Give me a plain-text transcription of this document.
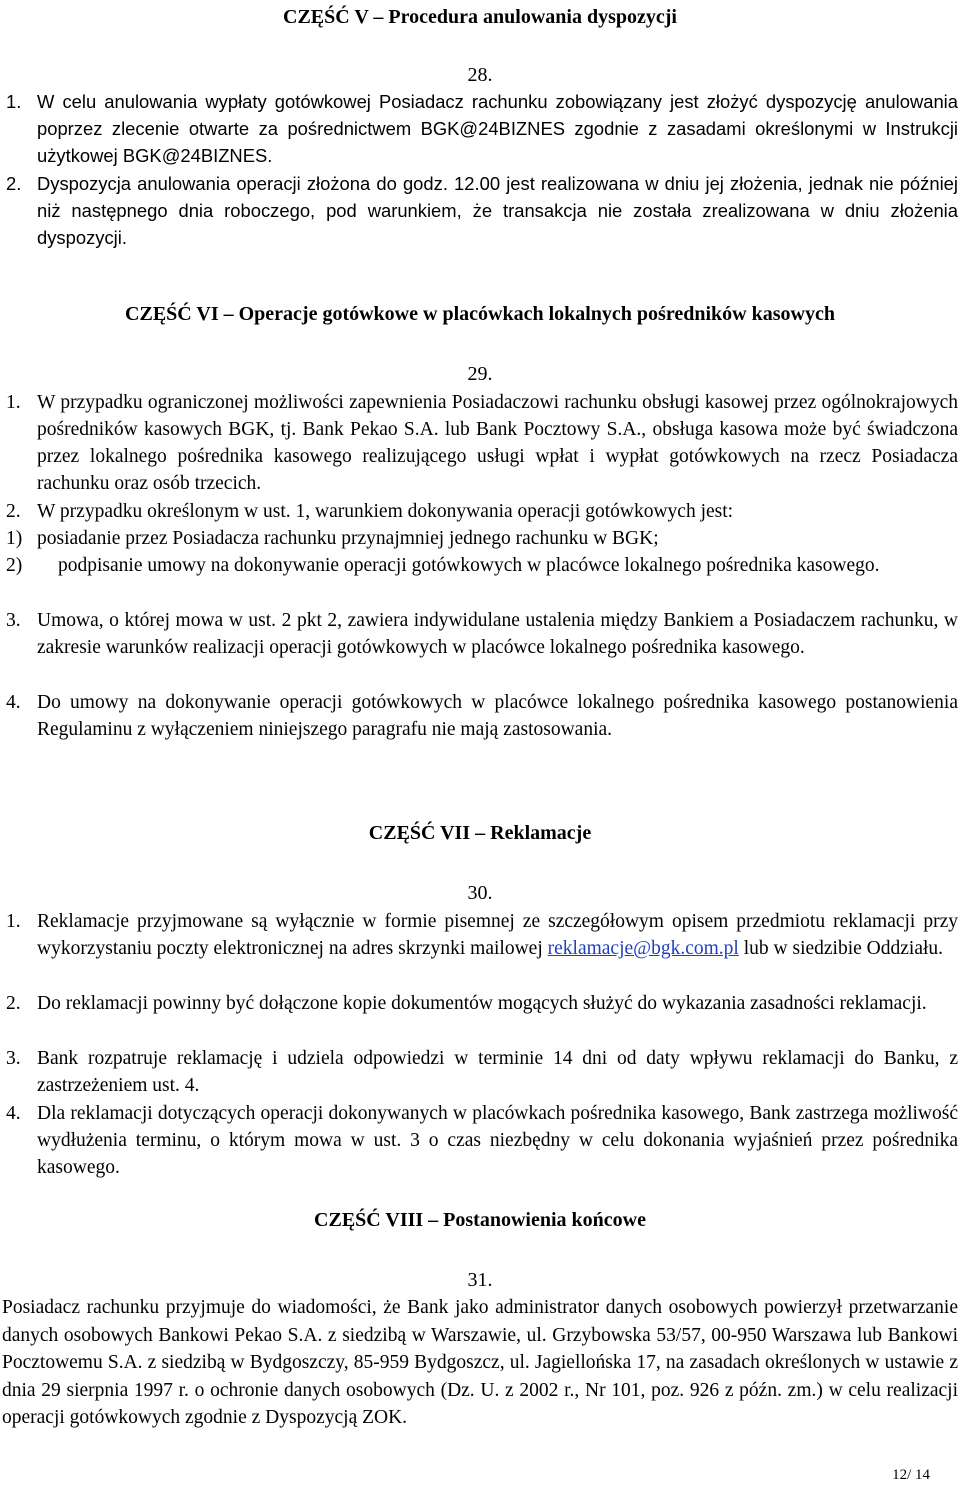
CZĘŚĆ V – Procedura anulowania dyspozycji
28.
1. W celu anulowania wypłaty gotówkowej Posiadacz rachunku zobowiązany jest złożyć dyspozycję anulowania poprzez zlecenie otwarte za pośrednictwem BGK@24BIZNES zgodnie z zasadami określonymi w Instrukcji użytkowej BGK@24BIZNES.
2. Dyspozycja anulowania operacji złożona do godz. 12.00 jest realizowana w dniu jej złożenia, jednak nie później niż następnego dnia roboczego, pod warunkiem, że transakcja nie została zrealizowana w dniu złożenia dyspozycji.
CZĘŚĆ VI – Operacje gotówkowe w placówkach lokalnych pośredników kasowych
29.
1. W przypadku ograniczonej możliwości zapewnienia Posiadaczowi rachunku obsługi kasowej przez ogólnokrajowych pośredników kasowych BGK, tj. Bank Pekao S.A. lub Bank Pocztowy S.A., obsługa kasowa może być świadczona przez lokalnego pośrednika kasowego realizującego usługi wpłat i wypłat gotówkowych na rzecz Posiadacza rachunku oraz osób trzecich.
2. W przypadku określonym w ust. 1, warunkiem dokonywania operacji gotówkowych jest:
1) posiadanie przez Posiadacza rachunku przynajmniej jednego rachunku w BGK;
2) podpisanie umowy na dokonywanie operacji gotówkowych w placówce lokalnego pośrednika kasowego.
3. Umowa, o której mowa w ust. 2 pkt 2, zawiera indywidulane ustalenia między Bankiem a Posiadaczem rachunku, w zakresie warunków realizacji operacji gotówkowych w placówce lokalnego pośrednika kasowego.
4. Do umowy na dokonywanie operacji gotówkowych w placówce lokalnego pośrednika kasowego postanowienia Regulaminu z wyłączeniem niniejszego paragrafu nie mają zastosowania.
CZĘŚĆ VII – Reklamacje
30.
1. Reklamacje przyjmowane są wyłącznie w formie pisemnej ze szczegółowym opisem przedmiotu reklamacji przy wykorzystaniu poczty elektronicznej na adres skrzynki mailowej reklamacje@bgk.com.pl lub w siedzibie Oddziału.
2. Do reklamacji powinny być dołączone kopie dokumentów mogących służyć do wykazania zasadności reklamacji.
3. Bank rozpatruje reklamację i udziela odpowiedzi w terminie 14 dni od daty wpływu reklamacji do Banku, z zastrzeżeniem ust. 4.
4. Dla reklamacji dotyczących operacji dokonywanych w placówkach pośrednika kasowego, Bank zastrzega możliwość wydłużenia terminu, o którym mowa w ust. 3 o czas niezbędny w celu dokonania wyjaśnień przez pośrednika kasowego.
CZĘŚĆ VIII – Postanowienia końcowe
31.
Posiadacz rachunku przyjmuje do wiadomości, że Bank jako administrator danych osobowych powierzył przetwarzanie danych osobowych Bankowi Pekao S.A. z siedzibą w Warszawie, ul. Grzybowska 53/57, 00-950 Warszawa lub Bankowi Pocztowemu S.A. z siedzibą w Bydgoszczy, 85-959 Bydgoszcz, ul. Jagiellońska 17, na zasadach określonych w ustawie z dnia 29 sierpnia 1997 r. o ochronie danych osobowych (Dz. U. z 2002 r., Nr 101, poz. 926 z późn. zm.) w celu realizacji operacji gotówkowych zgodnie z Dyspozycją ZOK.
12/ 14
